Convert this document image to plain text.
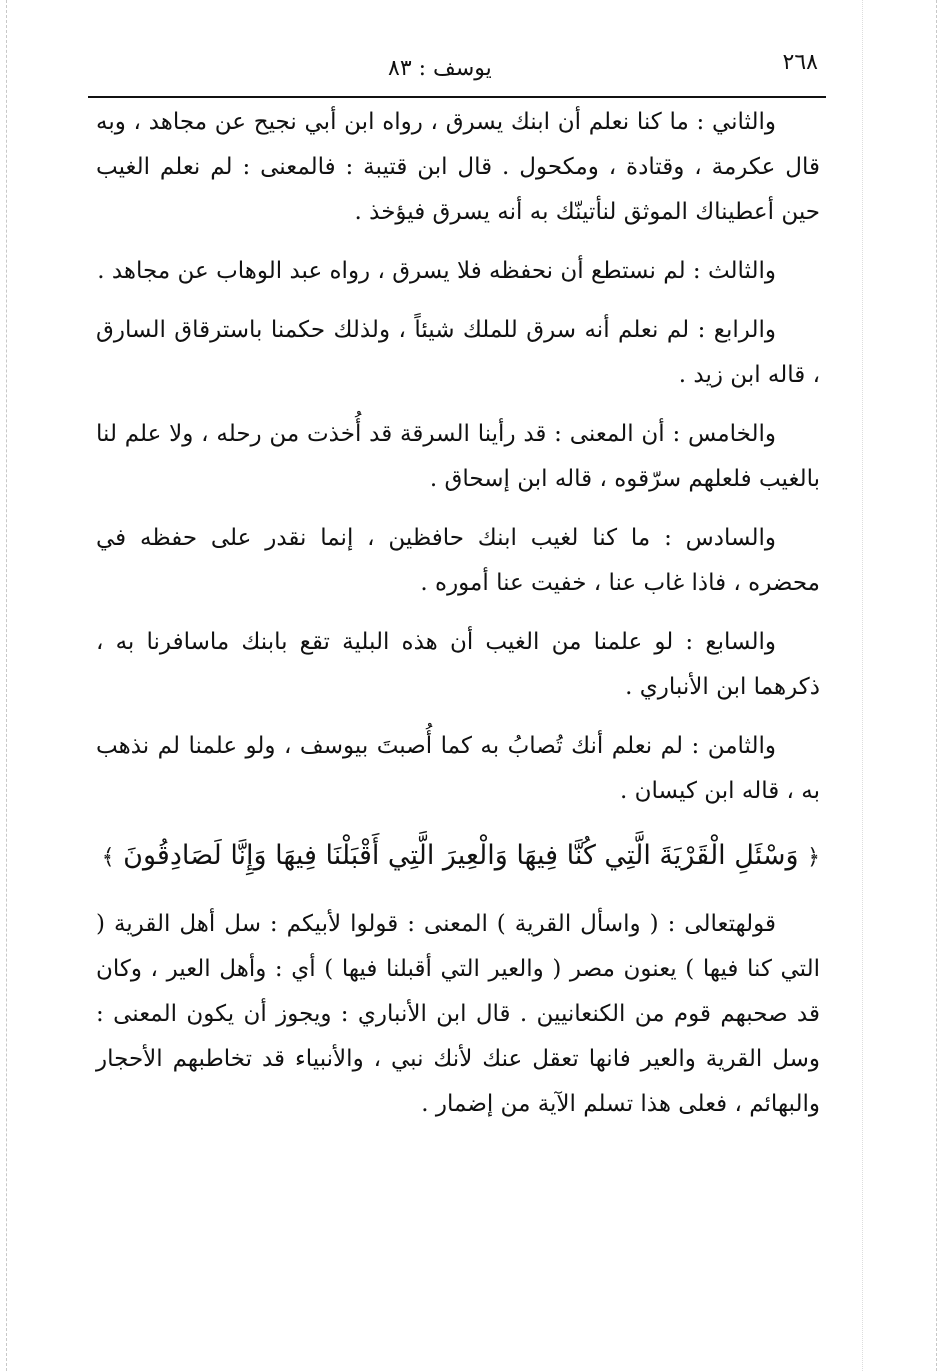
٢٦٨
يوسف : ٨٣

والثاني : ما كنا نعلم أن ابنك يسرق ، رواه ابن أبي نجيح عن مجاهد ، وبه قال عكرمة ، وقتادة ، ومكحول . قال ابن قتيبة : فالمعنى : لم نعلم الغيب حين أعطيناك الموثق لنأتينّك به أنه يسرق فيؤخذ .

والثالث : لم نستطع أن نحفظه فلا يسرق ، رواه عبد الوهاب عن مجاهد .

والرابع : لم نعلم أنه سرق للملك شيئاً ، ولذلك حكمنا باسترقاق السارق ، قاله ابن زيد .

والخامس : أن المعنى : قد رأينا السرقة قد أُخذت من رحله ، ولا علم لنا بالغيب فلعلهم سرّقوه ، قاله ابن إسحاق .

والسادس : ما كنا لغيب ابنك حافظين ، إنما نقدر على حفظه في محضره ، فاذا غاب عنا ، خفيت عنا أموره .

والسابع : لو علمنا من الغيب أن هذه البلية تقع بابنك ماسافرنا به ، ذكرهما ابن الأنباري .

والثامن : لم نعلم أنك تُصابُ به كما أُصبتَ بيوسف ، ولو علمنا لم نذهب به ، قاله ابن كيسان .

﴿ وَسْئَلِ الْقَرْيَةَ الَّتِي كُنَّا فِيهَا وَالْعِيرَ الَّتِي أَقْبَلْنَا فِيهَا وَإِنَّا لَصَادِقُونَ ﴾

قولهتعالى : ( واسأل القرية ) المعنى : قولوا لأبيكم : سل أهل القرية ( التي كنا فيها ) يعنون مصر ( والعير التي أقبلنا فيها ) أي : وأهل العير ، وكان قد صحبهم قوم من الكنعانيين . قال ابن الأنباري : ويجوز أن يكون المعنى : وسل القرية والعير فانها تعقل عنك لأنك نبي ، والأنبياء قد تخاطبهم الأحجار والبهائم ، فعلى هذا تسلم الآية من إضمار .
